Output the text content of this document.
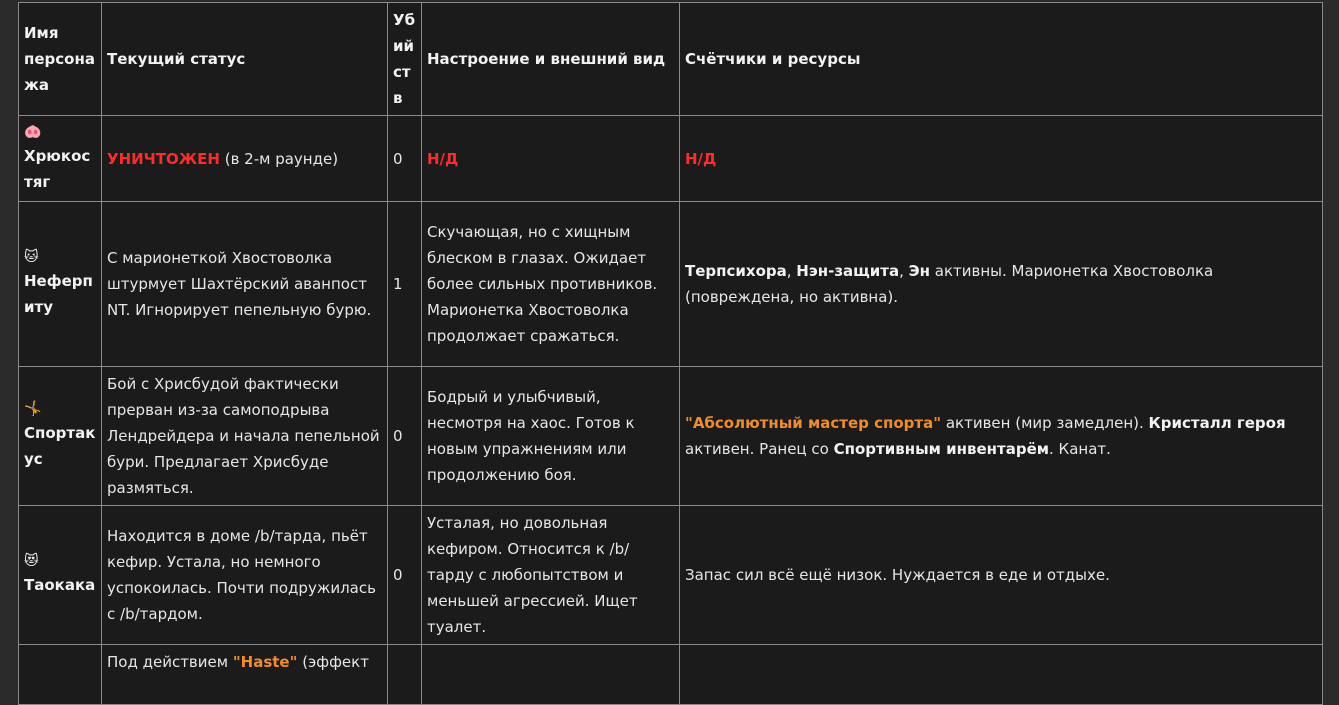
Имя персонажа	Текущий статус	Убийств	Настроение и внешний вид	Счётчики и ресурсы

🐽
Хрюкостяг	УНИЧТОЖЕН (в 2-м раунде)	0	Н/Д	Н/Д

🐱
Неферпиту	С марионеткой Хвостоволка штурмует Шахтёрский аванпост NT. Игнорирует пепельную бурю.	1	Скучающая, но с хищным блеском в глазах. Ожидает более сильных противников. Марионетка Хвостоволка продолжает сражаться.	Терпсихора, Нэн-защита, Эн активны. Марионетка Хвостоволка (повреждена, но активна).

🤸
Спортакус	Бой с Хрисбудой фактически прерван из-за самоподрыва Лендрейдера и начала пепельной бури. Предлагает Хрисбуде размяться.	0	Бодрый и улыбчивый, несмотря на хаос. Готов к новым упражнениям или продолжению боя.	"Абсолютный мастер спорта" активен (мир замедлен). Кристалл героя активен. Ранец со Спортивным инвентарём. Канат.

😻
Таокака	Находится в доме /b/тарда, пьёт кефир. Устала, но немного успокоилась. Почти подружилась с /b/тардом.	0	Усталая, но довольная кефиром. Относится к /b/тарду с любопытством и меньшей агрессией. Ищет туалет.	Запас сил всё ещё низок. Нуждается в еде и отдыхе.
	Под действием "Haste" (эффект			
